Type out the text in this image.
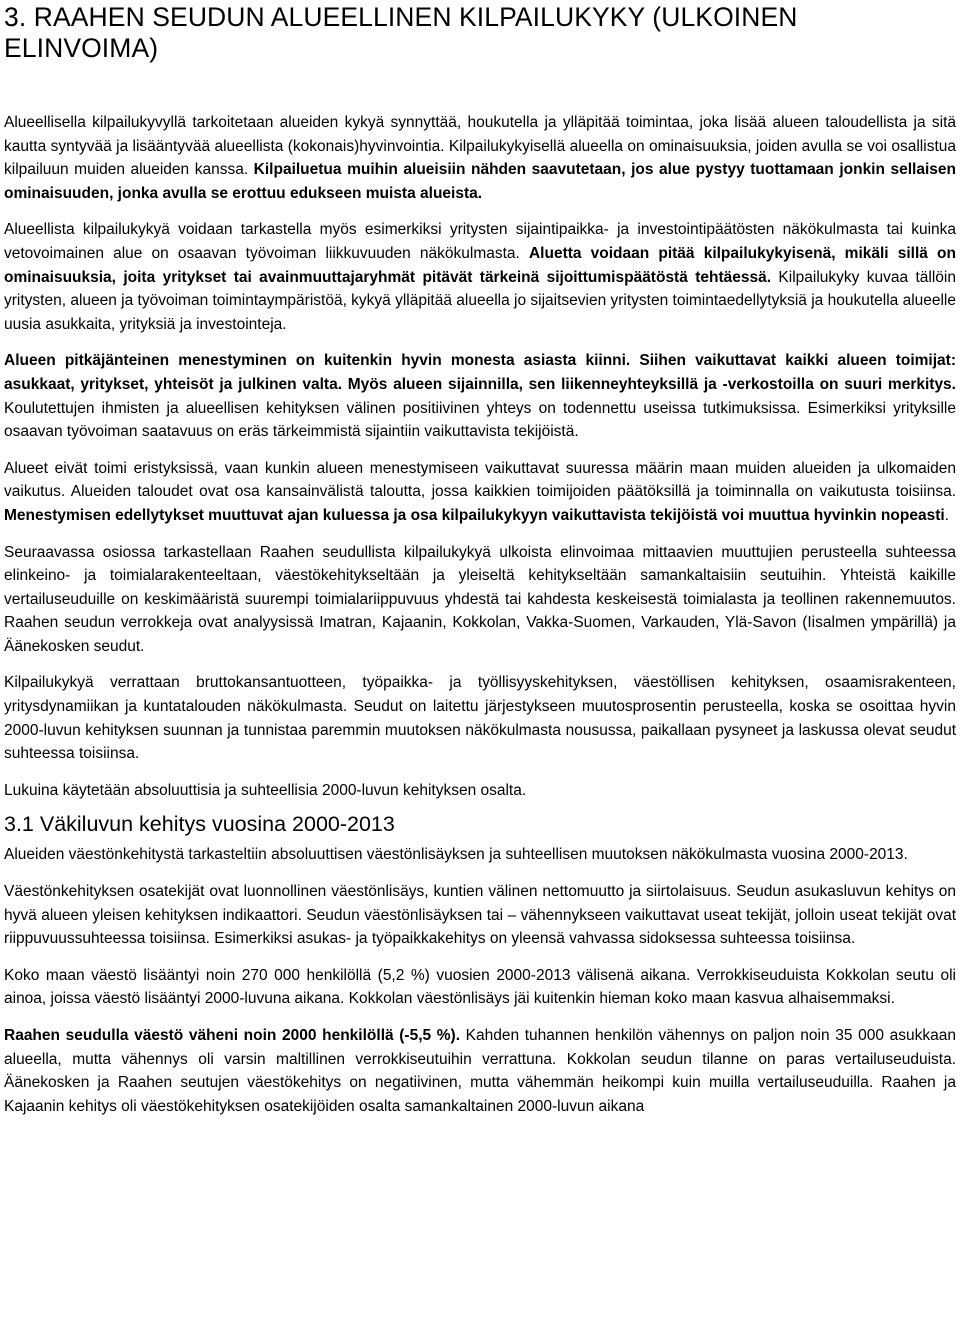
3. RAAHEN SEUDUN ALUEELLINEN KILPAILUKYKY (ULKOINEN ELINVOIMA)

Alueellisella kilpailukyvyllä tarkoitetaan alueiden kykyä synnyttää, houkutella ja ylläpitää toimintaa, joka lisää alueen taloudellista ja sitä kautta syntyvää ja lisääntyvää alueellista (kokonais)hyvinvointia. Kilpailukykyisellä alueella on ominaisuuksia, joiden avulla se voi osallistua kilpailuun muiden alueiden kanssa. Kilpailuetua muihin alueisiin nähden saavutetaan, jos alue pystyy tuottamaan jonkin sellaisen ominaisuuden, jonka avulla se erottuu edukseen muista alueista.

Alueellista kilpailukykyä voidaan tarkastella myös esimerkiksi yritysten sijaintipaikka- ja investointipäätösten näkökulmasta tai kuinka vetovoimainen alue on osaavan työvoiman liikkuvuuden näkökulmasta. Aluetta voidaan pitää kilpailukykyisenä, mikäli sillä on ominaisuuksia, joita yritykset tai avainmuuttajaryhmät pitävät tärkeinä sijoittumispäätöstä tehtäessä. Kilpailukyky kuvaa tällöin yritysten, alueen ja työvoiman toimintaympäristöä, kykyä ylläpitää alueella jo sijaitsevien yritysten toimintaedellytyksiä ja houkutella alueelle uusia asukkaita, yrityksiä ja investointeja.

Alueen pitkäjänteinen menestyminen on kuitenkin hyvin monesta asiasta kiinni. Siihen vaikuttavat kaikki alueen toimijat: asukkaat, yritykset, yhteisöt ja julkinen valta. Myös alueen sijainnilla, sen liikenneyhteyksillä ja -verkostoilla on suuri merkitys. Koulutettujen ihmisten ja alueellisen kehityksen välinen positiivinen yhteys on todennettu useissa tutkimuksissa. Esimerkiksi yrityksille osaavan työvoiman saatavuus on eräs tärkeimmistä sijaintiin vaikuttavista tekijöistä.

Alueet eivät toimi eristyksissä, vaan kunkin alueen menestymiseen vaikuttavat suuressa määrin maan muiden alueiden ja ulkomaiden vaikutus. Alueiden taloudet ovat osa kansainvälistä taloutta, jossa kaikkien toimijoiden päätöksillä ja toiminnalla on vaikutusta toisiinsa. Menestymisen edellytykset muuttuvat ajan kuluessa ja osa kilpailukykyyn vaikuttavista tekijöistä voi muuttua hyvinkin nopeasti.

Seuraavassa osiossa tarkastellaan Raahen seudullista kilpailukykyä ulkoista elinvoimaa mittaavien muuttujien perusteella suhteessa elinkeino- ja toimialarakenteeltaan, väestökehitykseltään ja yleiseltä kehitykseltään samankaltaisiin seutuihin. Yhteistä kaikille vertailuseuduille on keskimääristä suurempi toimialariippuvuus yhdestä tai kahdesta keskeisestä toimialasta ja teollinen rakennemuutos. Raahen seudun verrokkeja ovat analyysissä Imatran, Kajaanin, Kokkolan, Vakka-Suomen, Varkauden, Ylä-Savon (Iisalmen ympärillä) ja Äänekosken seudut.

Kilpailukykyä verrattaan bruttokansantuotteen, työpaikka- ja työllisyyskehityksen, väestöllisen kehityksen, osaamisrakenteen, yritysdynamiikan ja kuntatalouden näkökulmasta. Seudut on laitettu järjestykseen muutosprosentin perusteella, koska se osoittaa hyvin 2000-luvun kehityksen suunnan ja tunnistaa paremmin muutoksen näkökulmasta nousussa, paikallaan pysyneet ja laskussa olevat seudut suhteessa toisiinsa.

Lukuina käytetään absoluuttisia ja suhteellisia 2000-luvun kehityksen osalta.

3.1 Väkiluvun kehitys vuosina 2000-2013

Alueiden väestönkehitystä tarkasteltiin absoluuttisen väestönlisäyksen ja suhteellisen muutoksen näkökulmasta vuosina 2000-2013.

Väestönkehityksen osatekijät ovat luonnollinen väestönlisäys, kuntien välinen nettomuutto ja siirtolaisuus. Seudun asukasluvun kehitys on hyvä alueen yleisen kehityksen indikaattori. Seudun väestönlisäyksen tai – vähennykseen vaikuttavat useat tekijät, jolloin useat tekijät ovat riippuvuussuhteessa toisiinsa. Esimerkiksi asukas- ja työpaikkakehitys on yleensä vahvassa sidoksessa suhteessa toisiinsa.

Koko maan väestö lisääntyi noin 270 000 henkilöllä (5,2 %) vuosien 2000-2013 välisenä aikana. Verrokkiseuduista Kokkolan seutu oli ainoa, joissa väestö lisääntyi 2000-luvuna aikana. Kokkolan väestönlisäys jäi kuitenkin hieman koko maan kasvua alhaisemmaksi.

Raahen seudulla väestö väheni noin 2000 henkilöllä (-5,5 %). Kahden tuhannen henkilön vähennys on paljon noin 35 000 asukkaan alueella, mutta vähennys oli varsin maltillinen verrokkiseutuihin verrattuna. Kokkolan seudun tilanne on paras vertailuseuduista. Äänekosken ja Raahen seutujen väestökehitys on negatiivinen, mutta vähemmän heikompi kuin muilla vertailuseuduilla. Raahen ja Kajaanin kehitys oli väestökehityksen osatekijöiden osalta samankaltainen 2000-luvun aikana
